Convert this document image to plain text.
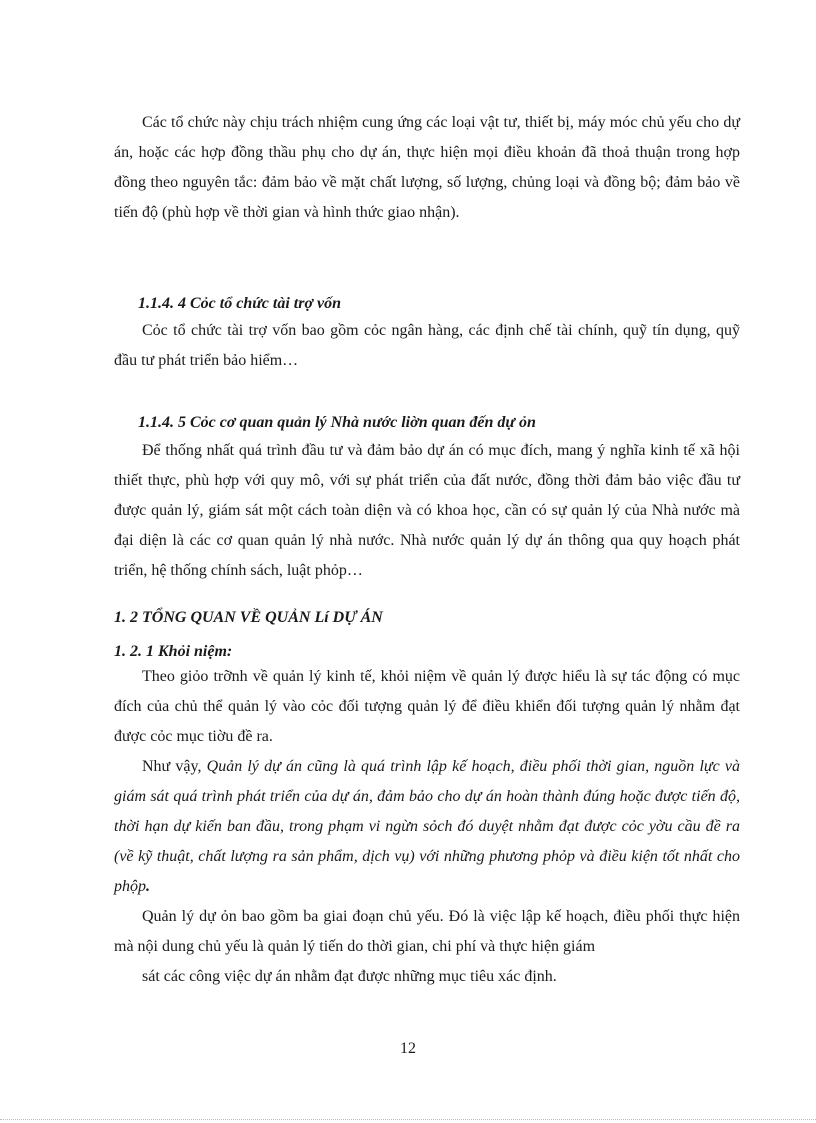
Các tổ chức này chịu trách nhiệm cung ứng các loại vật tư, thiết bị, máy móc chủ yếu cho dự án, hoặc các hợp đồng thầu phụ cho dự án, thực hiện mọi điều khoản đã thoả thuận trong hợp đồng theo nguyên tắc: đảm bảo về mặt chất lượng, số lượng, chủng loại và đồng bộ; đảm bảo về tiến độ (phù hợp về thời gian và hình thức giao nhận).

1.1.4. 4 Cỏc tổ chức tài trợ vốn

Cỏc tổ chức tài trợ vốn bao gồm cỏc ngân hàng, các định chế tài chính, quỹ tín dụng, quỹ đầu tư phát triển bảo hiểm…

1.1.4. 5 Cỏc cơ quan quản lý Nhà nước liờn quan đến dự ỏn

Để thống nhất quá trình đầu tư và đảm bảo dự án có mục đích, mang ý nghĩa kinh tế xã hội thiết thực, phù hợp với quy mô, với sự phát triển của đất nước, đồng thời đảm bảo việc đầu tư được quản lý, giám sát một cách toàn diện và có khoa học, cần có sự quản lý của Nhà nước mà đại diện là các cơ quan quản lý nhà nước. Nhà nước quản lý dự án thông qua quy hoạch phát triển, hệ thống chính sách, luật phỏp…

1. 2 TỔNG QUAN VỀ QUẢN Lí DỰ ÁN

1. 2. 1 Khỏi niệm:

Theo giỏo trỡnh về quản lý kinh tế, khỏi niệm về quản lý được hiểu là sự tác động có mục đích của chủ thể quản lý vào cỏc đối tượng quản lý để điều khiển đối tượng quản lý nhằm đạt được cỏc mục tiờu đề ra.

Như vậy, Quản lý dự án cũng là quá trình lập kế hoạch, điều phối thời gian, nguồn lực và giám sát quá trình phát triển của dự án, đảm bảo cho dự án hoàn thành đúng hoặc được tiến độ, thời hạn dự kiến ban đầu, trong phạm vi ngừn sỏch đó duyệt nhằm đạt được cỏc yờu cầu đề ra (về kỹ thuật, chất lượng ra sản phẩm, dịch vụ) với những phương phỏp và điều kiện tốt nhất cho phộp.

Quản lý dự ỏn bao gồm ba giai đoạn chủ yếu. Đó là việc lập kế hoạch, điều phối thực hiện mà nội dung chủ yếu là quản lý tiến do thời gian, chi phí và thực hiện giám

sát các công việc dự án nhằm đạt được những mục tiêu xác định.

12
